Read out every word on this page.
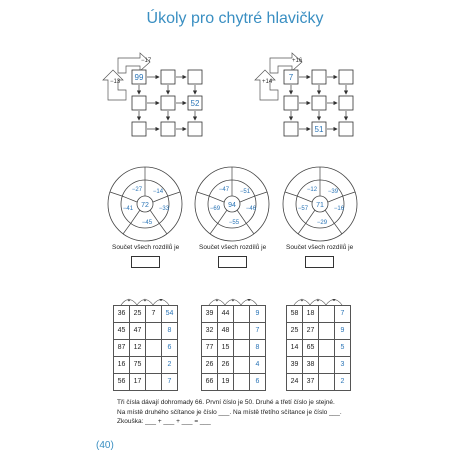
Úkoly pro chytré hlavičky
−17
−13 99
52
+16
+14 7
51
72
−27 −14
−33
−45
−41	94
−47 −51
−46
−55
−69	71
−12 −39
−16
−29
−57
Součet všech rozdílů je	Součet všech rozdílů je	Součet všech rozdílů je
+	+	=	+	+	=	+	+	=
36	25	7	54
45	47		8
87	12		6
16	75		2
56	17		7
39	44		9
32	48		7
77	15		8
26	26		4
66	19		6
58	18		7
25	27		9
14	65		5
39	38		3
24	37		2
Tři čísla dávají dohromady 66. První číslo je 50. Druhé a třetí číslo je stejné.
Na místě druhého sčítance je číslo ___. Na místě třetího sčítance je číslo ___.
Zkouška: ___ + ___ + ___ = ___
(40)
